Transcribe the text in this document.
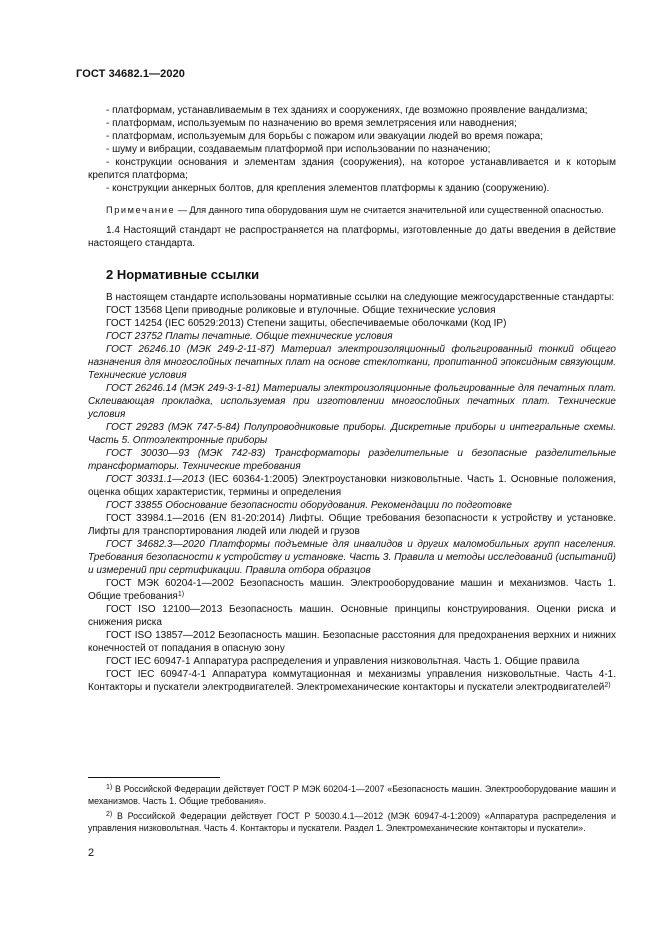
ГОСТ 34682.1—2020

- платформам, устанавливаемым в тех зданиях и сооружениях, где возможно проявление вандализма;

- платформам, используемым по назначению во время землетрясения или наводнения;

- платформам, используемым для борьбы с пожаром или эвакуации людей во время пожара;

- шуму и вибрации, создаваемым платформой при использовании по назначению;

- конструкции основания и элементам здания (сооружения), на которое устанавливается и к которым крепится платформа;

- конструкции анкерных болтов, для крепления элементов платформы к зданию (сооружению).

Примечание — Для данного типа оборудования шум не считается значительной или существенной опасностью.

1.4 Настоящий стандарт не распространяется на платформы, изготовленные до даты введения в действие настоящего стандарта.

2 Нормативные ссылки

В настоящем стандарте использованы нормативные ссылки на следующие межгосударственные стандарты:

ГОСТ 13568 Цепи приводные роликовые и втулочные. Общие технические условия

ГОСТ 14254 (IEC 60529:2013) Степени защиты, обеспечиваемые оболочками (Код IP)

ГОСТ 23752 Платы печатные. Общие технические условия

ГОСТ 26246.10 (МЭК 249-2-11-87) Материал электроизоляционный фольгированный тонкий общего назначения для многослойных печатных плат на основе стеклоткани, пропитанной эпоксидным связующим. Технические условия

ГОСТ 26246.14 (МЭК 249-3-1-81) Материалы электроизоляционные фольгированные для печатных плат. Склеивающая прокладка, используемая при изготовлении многослойных печатных плат. Технические условия

ГОСТ 29283 (МЭК 747-5-84) Полупроводниковые приборы. Дискретные приборы и интегральные схемы. Часть 5. Оптоэлектронные приборы

ГОСТ 30030—93 (МЭК 742-83) Трансформаторы разделительные и безопасные разделительные трансформаторы. Технические требования

ГОСТ 30331.1—2013 (IEC 60364-1:2005) Электроустановки низковольтные. Часть 1. Основные положения, оценка общих характеристик, термины и определения

ГОСТ 33855 Обоснование безопасности оборудования. Рекомендации по подготовке

ГОСТ 33984.1—2016 (EN 81-20:2014) Лифты. Общие требования безопасности к устройству и установке. Лифты для транспортирования людей или людей и грузов

ГОСТ 34682.3—2020 Платформы подъемные для инвалидов и других маломобильных групп населения. Требования безопасности к устройству и установке. Часть 3. Правила и методы исследований (испытаний) и измерений при сертификации. Правила отбора образцов

ГОСТ МЭК 60204-1—2002 Безопасность машин. Электрооборудование машин и механизмов. Часть 1. Общие требования$^{1)}$

ГОСТ ISO 12100—2013 Безопасность машин. Основные принципы конструирования. Оценки риска и снижения риска

ГОСТ ISO 13857—2012 Безопасность машин. Безопасные расстояния для предохранения верхних и нижних конечностей от попадания в опасную зону

ГОСТ IEC 60947-1 Аппаратура распределения и управления низковольтная. Часть 1. Общие правила

ГОСТ IEC 60947-4-1 Аппаратура коммутационная и механизмы управления низковольтные. Часть 4-1. Контакторы и пускатели электродвигателей. Электромеханические контакторы и пускатели электродвигателей$^{2)}$

$^{1)}$ В Российской Федерации действует ГОСТ Р МЭК 60204-1—2007 «Безопасность машин. Электрооборудование машин и механизмов. Часть 1. Общие требования».

$^{2)}$ В Российской Федерации действует ГОСТ Р 50030.4.1—2012 (МЭК 60947-4-1:2009) «Аппаратура распределения и управления низковольтная. Часть 4. Контакторы и пускатели. Раздел 1. Электромеханические контакторы и пускатели».

2
